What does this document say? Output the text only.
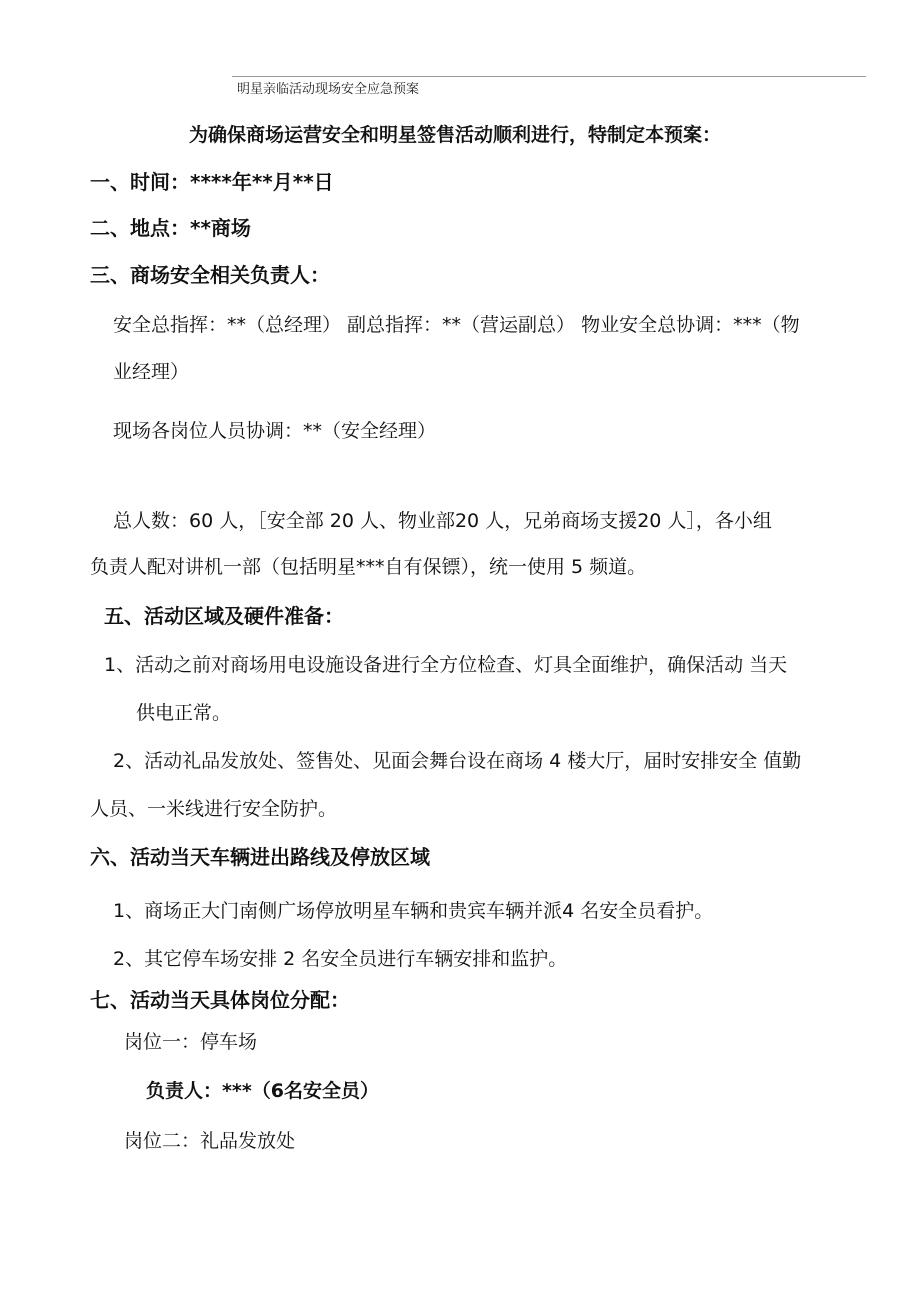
明星亲临活动现场安全应急预案

为确保商场运营安全和明星签售活动顺利进行，特制定本预案：

一、时间：****年**月**日

二、地点：**商场

三、商场安全相关负责人：

安全总指挥：**（总经理） 副总指挥：**（营运副总） 物业安全总协调：***（物

业经理）

现场各岗位人员协调：**（安全经理）

总人数：60 人，［安全部 20 人、物业部20 人，兄弟商场支援20 人］，各小组

负责人配对讲机一部（包括明星***自有保镖），统一使用 5 频道。

五、活动区域及硬件准备：

1、活动之前对商场用电设施设备进行全方位检查、灯具全面维护，确保活动 当天

供电正常。

2、活动礼品发放处、签售处、见面会舞台设在商场 4 楼大厅，届时安排安全 值勤

人员、一米线进行安全防护。

六、活动当天车辆进出路线及停放区域

1、商场正大门南侧广场停放明星车辆和贵宾车辆并派4 名安全员看护。

2、其它停车场安排 2 名安全员进行车辆安排和监护。

七、活动当天具体岗位分配：

岗位一：停车场

负责人：***（6名安全员）

岗位二：礼品发放处
